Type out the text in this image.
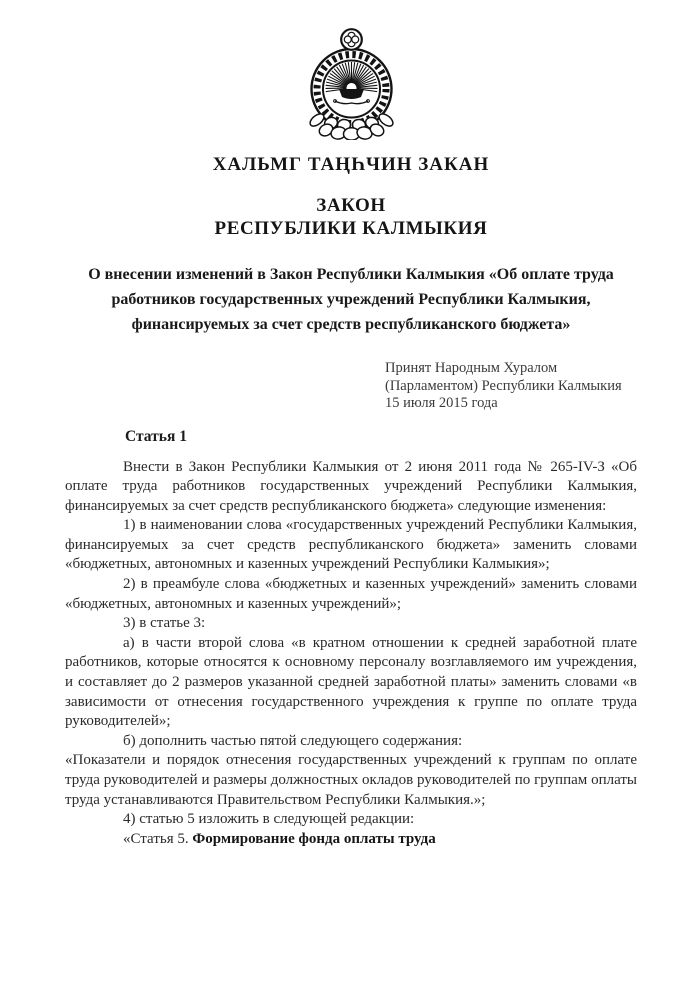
ХАЛЬМГ ТАҢҺЧИН ЗАКАН
ЗАКОН
РЕСПУБЛИКИ КАЛМЫКИЯ
О внесении изменений в Закон Республики Калмыкия «Об оплате труда работников государственных учреждений Республики Калмыкия, финансируемых за счет средств республиканского бюджета»
Принят Народным Хуралом
(Парламентом) Республики Калмыкия
15 июля 2015 года
Статья 1

Внести в Закон Республики Калмыкия от 2 июня 2011 года № 265-IV-З «Об оплате труда работников государственных учреждений Республики Калмыкия, финансируемых за счет средств республиканского бюджета» следующие изменения:

1) в наименовании слова «государственных учреждений Республики Калмыкия, финансируемых за счет средств республиканского бюджета» заменить словами «бюджетных, автономных и казенных учреждений Республики Калмыкия»;

2) в преамбуле слова «бюджетных и казенных учреждений» заменить словами «бюджетных, автономных и казенных учреждений»;

3) в статье 3:

а) в части второй слова «в кратном отношении к средней заработной плате работников, которые относятся к основному персоналу возглавляемого им учреждения, и составляет до 2 размеров указанной средней заработной платы» заменить словами «в зависимости от отнесения государственного учреждения к группе по оплате труда руководителей»;

б) дополнить частью пятой следующего содержания:

«Показатели и порядок отнесения государственных учреждений к группам по оплате труда руководителей и размеры должностных окладов руководителей по группам оплаты труда устанавливаются Правительством Республики Калмыкия.»;

4) статью 5 изложить в следующей редакции:

«Статья 5. Формирование фонда оплаты труда
